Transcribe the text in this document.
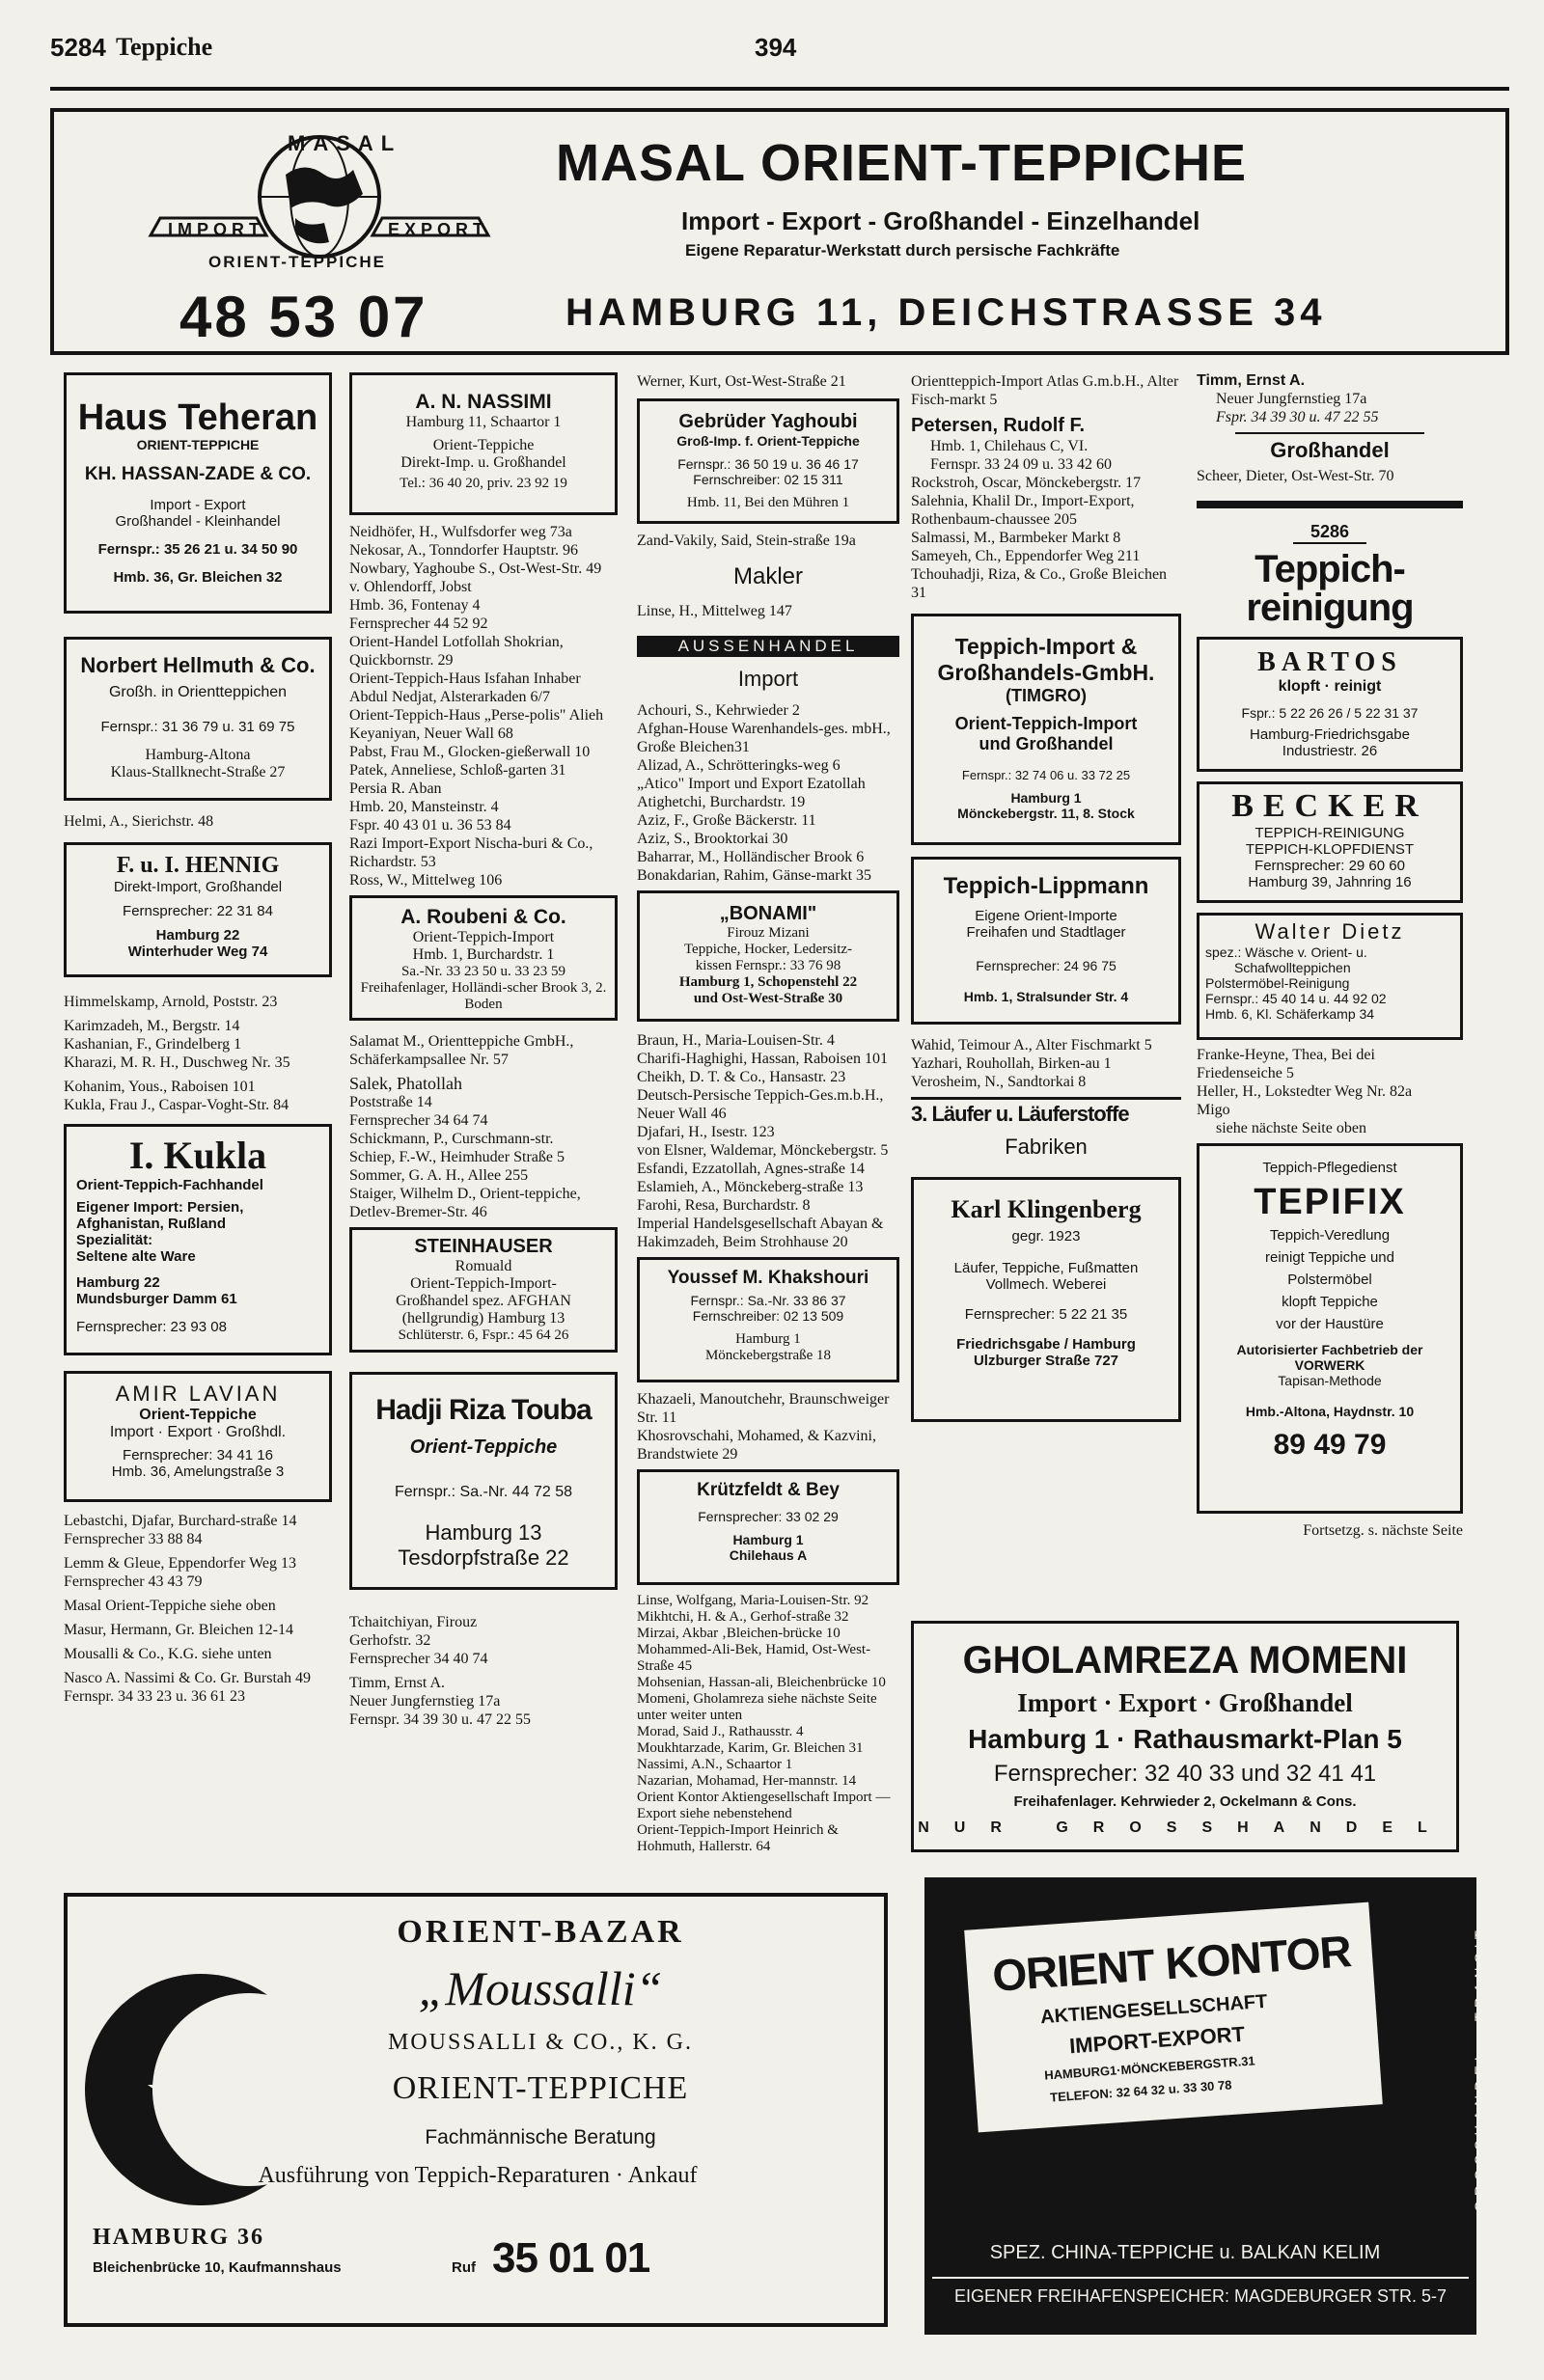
5284 Teppiche	394
MASAL
IMPORT	EXPORT
ORIENT-TEPPICHE
48 53 07
MASAL ORIENT-TEPPICHE
Import - Export - Großhandel - Einzelhandel
Eigene Reparatur-Werkstatt durch persische Fachkräfte
HAMBURG 11, DEICHSTRASSE 34
Haus Teheran
ORIENT-TEPPICHE
KH. HASSAN-ZADE & CO.
Import - Export
Großhandel - Kleinhandel
Fernspr.: 35 26 21 u. 34 50 90
Hmb. 36, Gr. Bleichen 32
Norbert Hellmuth & Co.
Großh. in Orientteppichen
Fernspr.: 31 36 79 u. 31 69 75
Hamburg-Altona
Klaus-Stallknecht-Straße 27
Helmi, A., Sierichstr. 48
F. u. I. HENNIG
Direkt-Import, Großhandel
Fernsprecher: 22 31 84
Hamburg 22
Winterhuder Weg 74

Himmelskamp, Arnold, Poststr. 23

Karimzadeh, M., Bergstr. 14

Kashanian, F., Grindelberg 1

Kharazi, M. R. H., Duschweg Nr. 35

Kohanim, Yous., Raboisen 101

Kukla, Frau J., Caspar-Voght-Str. 84

I. Kukla
Orient-Teppich-Fachhandel
Eigener Import: Persien, Afghanistan, Rußland
Spezialität:
Seltene alte Ware
Hamburg 22
Mundsburger Damm 61
Fernsprecher: 23 93 08
AMIR LAVIAN
Orient-Teppiche
Import · Export · Großhdl.
Fernsprecher: 34 41 16
Hmb. 36, Amelungstraße 3

Lebastchi, Djafar, Burchard-straße 14

Fernsprecher 33 88 84

Lemm & Gleue, Eppendorfer Weg 13

Fernsprecher 43 43 79

Masal Orient-Teppiche siehe oben

Masur, Hermann, Gr. Bleichen 12-14

Mousalli & Co., K.G. siehe unten

Nasco A. Nassimi & Co. Gr. Burstah 49

Fernspr. 34 33 23 u. 36 61 23

A. N. NASSIMI
Hamburg 11, Schaartor 1
Orient-Teppiche
Direkt-Imp. u. Großhandel
Tel.: 36 40 20, priv. 23 92 19

Neidhöfer, H., Wulfsdorfer weg 73a

Nekosar, A., Tonndorfer Hauptstr. 96

Nowbary, Yaghoube S., Ost-West-Str. 49

v. Ohlendorff, Jobst

Hmb. 36, Fontenay 4

Fernsprecher 44 52 92

Orient-Handel Lotfollah Shokrian, Quickbornstr. 29

Orient-Teppich-Haus Isfahan Inhaber Abdul Nedjat, Alsterarkaden 6/7

Orient-Teppich-Haus „Perse-polis" Alieh Keyaniyan, Neuer Wall 68

Pabst, Frau M., Glocken-gießerwall 10

Patek, Anneliese, Schloß-garten 31

Persia R. Aban

Hmb. 20, Mansteinstr. 4

Fspr. 40 43 01 u. 36 53 84

Razi Import-Export Nischa-buri & Co., Richardstr. 53

Ross, W., Mittelweg 106

A. Roubeni & Co.
Orient-Teppich-Import
Hmb. 1, Burchardstr. 1
Sa.-Nr. 33 23 50 u. 33 23 59
Freihafenlager, Holländi-scher Brook 3, 2. Boden

Salamat M., Orientteppiche GmbH., Schäferkampsallee Nr. 57

Salek, Phatollah

Poststraße 14

Fernsprecher 34 64 74

Schickmann, P., Curschmann-str.

Schiep, F.-W., Heimhuder Straße 5

Sommer, G. A. H., Allee 255

Staiger, Wilhelm D., Orient-teppiche, Detlev-Bremer-Str. 46

STEINHAUSER
Romuald
Orient-Teppich-Import-
Großhandel spez. AFGHAN
(hellgrundig) Hamburg 13
Schlüterstr. 6, Fspr.: 45 64 26
Hadji Riza Touba
Orient-Teppiche
Fernspr.: Sa.-Nr. 44 72 58
Hamburg 13
Tesdorpfstraße 22

Tchaitchiyan, Firouz

Gerhofstr. 32

Fernsprecher 34 40 74

Timm, Ernst A.

Neuer Jungfernstieg 17a

Fernspr. 34 39 30 u. 47 22 55

Werner, Kurt, Ost-West-Straße 21
Gebrüder Yaghoubi
Groß-Imp. f. Orient-Teppiche
Fernspr.: 36 50 19 u. 36 46 17
Fernschreiber: 02 15 311
Hmb. 11, Bei den Mühren 1
Zand-Vakily, Said, Stein-straße 19a
Makler
Linse, H., Mittelweg 147
AUSSENHANDEL
Import

Achouri, S., Kehrwieder 2

Afghan-House Warenhandels-ges. mbH., Große Bleichen31

Alizad, A., Schrötteringks-weg 6

„Atico" Import und Export Ezatollah Atighetchi, Burchardstr. 19

Aziz, F., Große Bäckerstr. 11

Aziz, S., Brooktorkai 30

Baharrar, M., Holländischer Brook 6

Bonakdarian, Rahim, Gänse-markt 35

„BONAMI"
Firouz Mizani
Teppiche, Hocker, Ledersitz-
kissen Fernspr.: 33 76 98
Hamburg 1, Schopenstehl 22
und Ost-West-Straße 30

Braun, H., Maria-Louisen-Str. 4

Charifi-Haghighi, Hassan, Raboisen 101

Cheikh, D. T. & Co., Hansastr. 23

Deutsch-Persische Teppich-Ges.m.b.H., Neuer Wall 46

Djafari, H., Isestr. 123

von Elsner, Waldemar, Mönckebergstr. 5

Esfandi, Ezzatollah, Agnes-straße 14

Eslamieh, A., Mönckeberg-straße 13

Farohi, Resa, Burchardstr. 8

Imperial Handelsgesellschaft Abayan & Hakimzadeh, Beim Strohhause 20

Youssef M. Khakshouri
Fernspr.: Sa.-Nr. 33 86 37
Fernschreiber: 02 13 509
Hamburg 1
Mönckebergstraße 18

Khazaeli, Manoutchehr, Braunschweiger Str. 11

Khosrovschahi, Mohamed, & Kazvini, Brandstwiete 29

Krützfeldt & Bey
Fernsprecher: 33 02 29
Hamburg 1
Chilehaus A

Linse, Wolfgang, Maria-Louisen-Str. 92

Mikhtchi, H. & A., Gerhof-straße 32

Mirzai, Akbar ‚Bleichen-brücke 10

Mohammed-Ali-Bek, Hamid, Ost-West-Straße 45

Mohsenian, Hassan-ali, Bleichenbrücke 10

Momeni, Gholamreza siehe nächste Seite unter weiter unten

Morad, Said J., Rathausstr. 4

Moukhtarzade, Karim, Gr. Bleichen 31

Nassimi, A.N., Schaartor 1

Nazarian, Mohamad, Her-mannstr. 14

Orient Kontor Aktiengesellschaft Import — Export siehe nebenstehend

Orient-Teppich-Import Heinrich & Hohmuth, Hallerstr. 64

Orientteppich-Import Atlas G.m.b.H., Alter Fisch-markt 5

Petersen, Rudolf F.

Hmb. 1, Chilehaus C, VI.

Fernspr. 33 24 09 u. 33 42 60

Rockstroh, Oscar, Mönckebergstr. 17

Salehnia, Khalil Dr., Import-Export, Rothenbaum-chaussee 205

Salmassi, M., Barmbeker Markt 8

Sameyeh, Ch., Eppendorfer Weg 211

Tchouhadji, Riza, & Co., Große Bleichen 31

Teppich-Import &
Großhandels-GmbH.
(TIMGRO)
Orient-Teppich-Import
und Großhandel
Fernspr.: 32 74 06 u. 33 72 25
Hamburg 1
Mönckebergstr. 11, 8. Stock
Teppich-Lippmann
Eigene Orient-Importe
Freihafen und Stadtlager
Fernsprecher: 24 96 75
Hmb. 1, Stralsunder Str. 4

Wahid, Teimour A., Alter Fischmarkt 5

Yazhari, Rouhollah, Birken-au 1

Verosheim, N., Sandtorkai 8

3. Läufer u. Läuferstoffe
Fabriken
Karl Klingenberg
gegr. 1923
Läufer, Teppiche, Fußmatten
Vollmech. Weberei
Fernsprecher: 5 22 21 35
Friedrichsgabe / Hamburg
Ulzburger Straße 727
Timm, Ernst A.
Neuer Jungfernstieg 17a
Fspr. 34 39 30 u. 47 22 55
Großhandel
Scheer, Dieter, Ost-West-Str. 70
5286
Teppich-
reinigung
BARTOS
klopft · reinigt
Fspr.: 5 22 26 26 / 5 22 31 37
Hamburg-Friedrichsgabe
Industriestr. 26
BECKER
TEPPICH-REINIGUNG
TEPPICH-KLOPFDIENST
Fernsprecher: 29 60 60
Hamburg 39, Jahnring 16
Walter Dietz
spez.: Wäsche v. Orient- u.
Schafwollteppichen
Polstermöbel-Reinigung
Fernspr.: 45 40 14 u. 44 92 02
Hmb. 6, Kl. Schäferkamp 34

Franke-Heyne, Thea, Bei dei Friedenseiche 5

Heller, H., Lokstedter Weg Nr. 82a

Migo

siehe nächste Seite oben

Teppich-Pflegedienst
TEPIFIX
Teppich-Veredlung
reinigt Teppiche und
Polstermöbel
klopft Teppiche
vor der Haustüre
Autorisierter Fachbetrieb der
VORWERK
Tapisan-Methode
Hmb.-Altona, Haydnstr. 10
89 49 79
Fortsetzg. s. nächste Seite
GHOLAMREZA MOMENI
Import · Export · Großhandel
Hamburg 1 · Rathausmarkt-Plan 5
Fernsprecher: 32 40 33 und 32 41 41
Freihafenlager. Kehrwieder 2, Ockelmann & Cons.
NUR GROSSHANDEL
ORIENT-BAZAR
„Moussalli“
MOUSSALLI & CO., K. G.
ORIENT-TEPPICHE
Fachmännische Beratung
Ausführung von Teppich-Reparaturen · Ankauf
HAMBURG 36
Bleichenbrücke 10, Kaufmannshaus	Ruf 35 01 01
ORIENT KONTOR
AKTIENGESELLSCHAFT
IMPORT-EXPORT
HAMBURG1·MÖNCKEBERGSTR.31
TELEFON: 32 64 32 u. 33 30 78	GROSSHANDEL · TRANSIT
SPEZ. CHINA-TEPPICHE u. BALKAN KELIM
EIGENER FREIHAFENSPEICHER: MAGDEBURGER STR. 5-7
